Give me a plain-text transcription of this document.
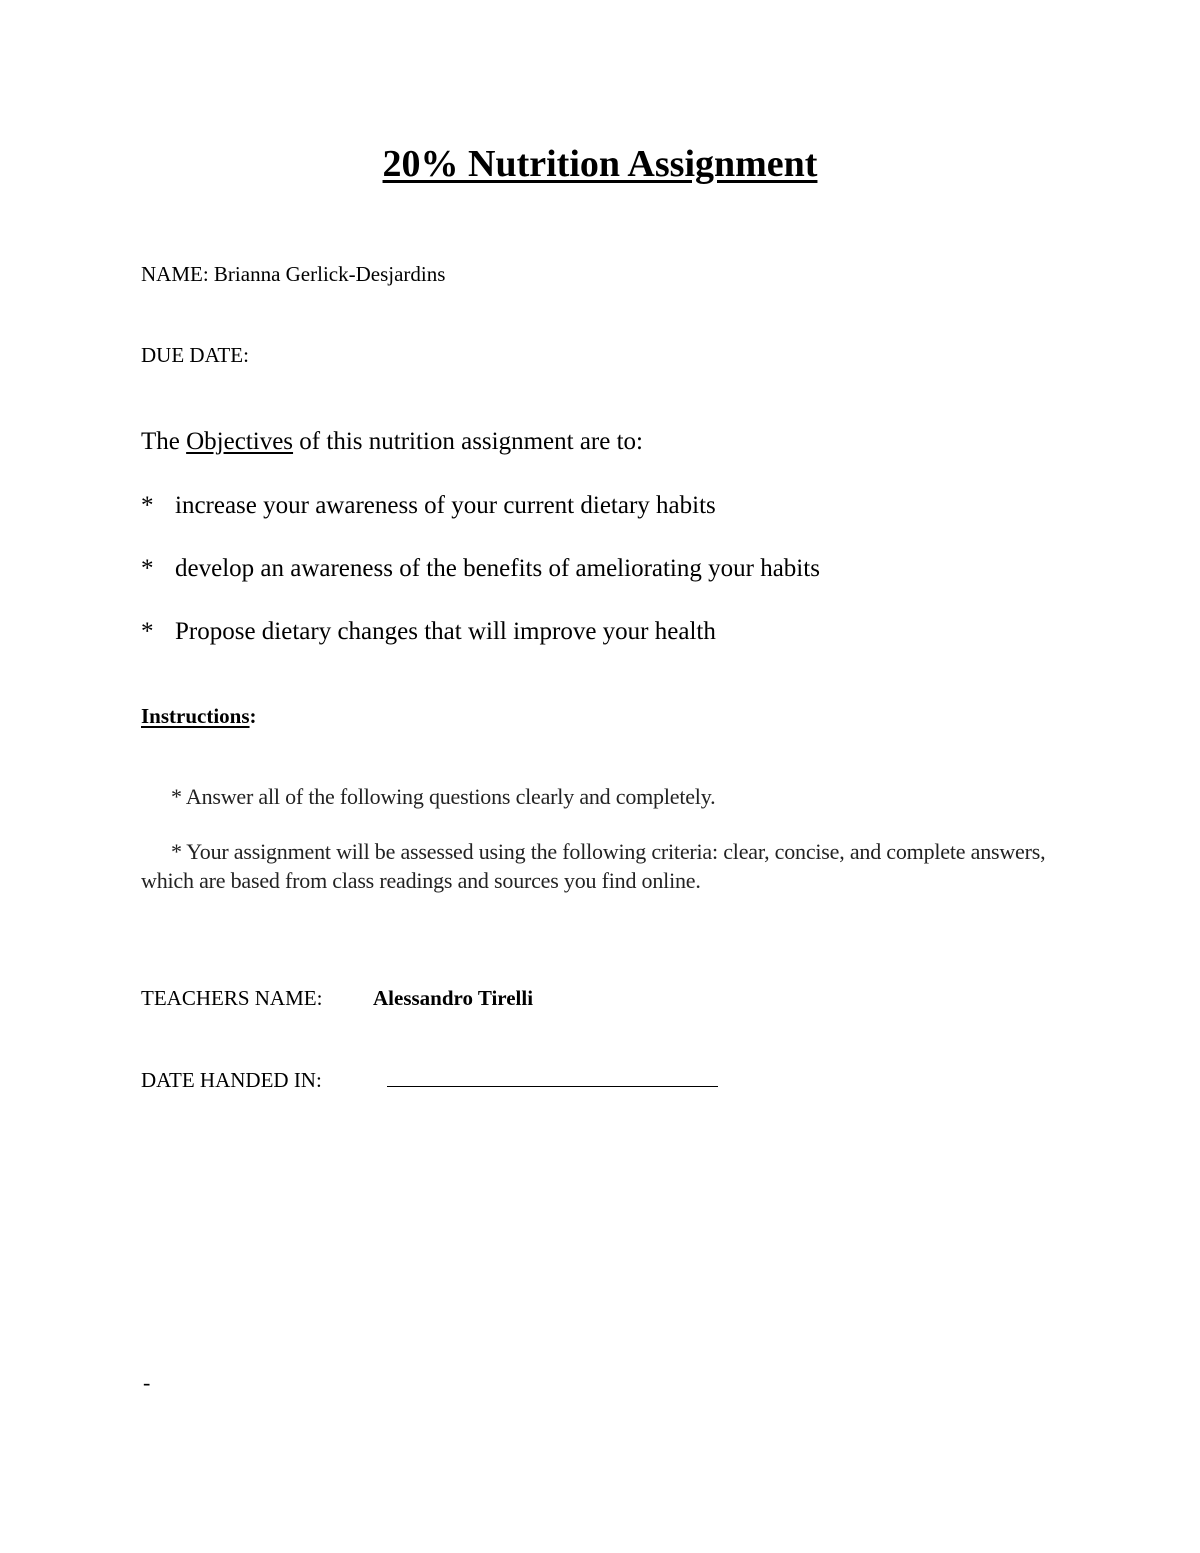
20% Nutrition Assignment
NAME: Brianna Gerlick-Desjardins
DUE DATE:
The Objectives of this nutrition assignment are to:
* increase your awareness of your current dietary habits
* develop an awareness of the benefits of ameliorating your habits
* Propose dietary changes that will improve your health
Instructions:
* Answer all of the following questions clearly and completely.
* Your assignment will be assessed using the following criteria: clear, concise, and complete answers, which are based from class readings and sources you find online.
TEACHERS NAME: Alessandro Tirelli
DATE HANDED IN:
-
